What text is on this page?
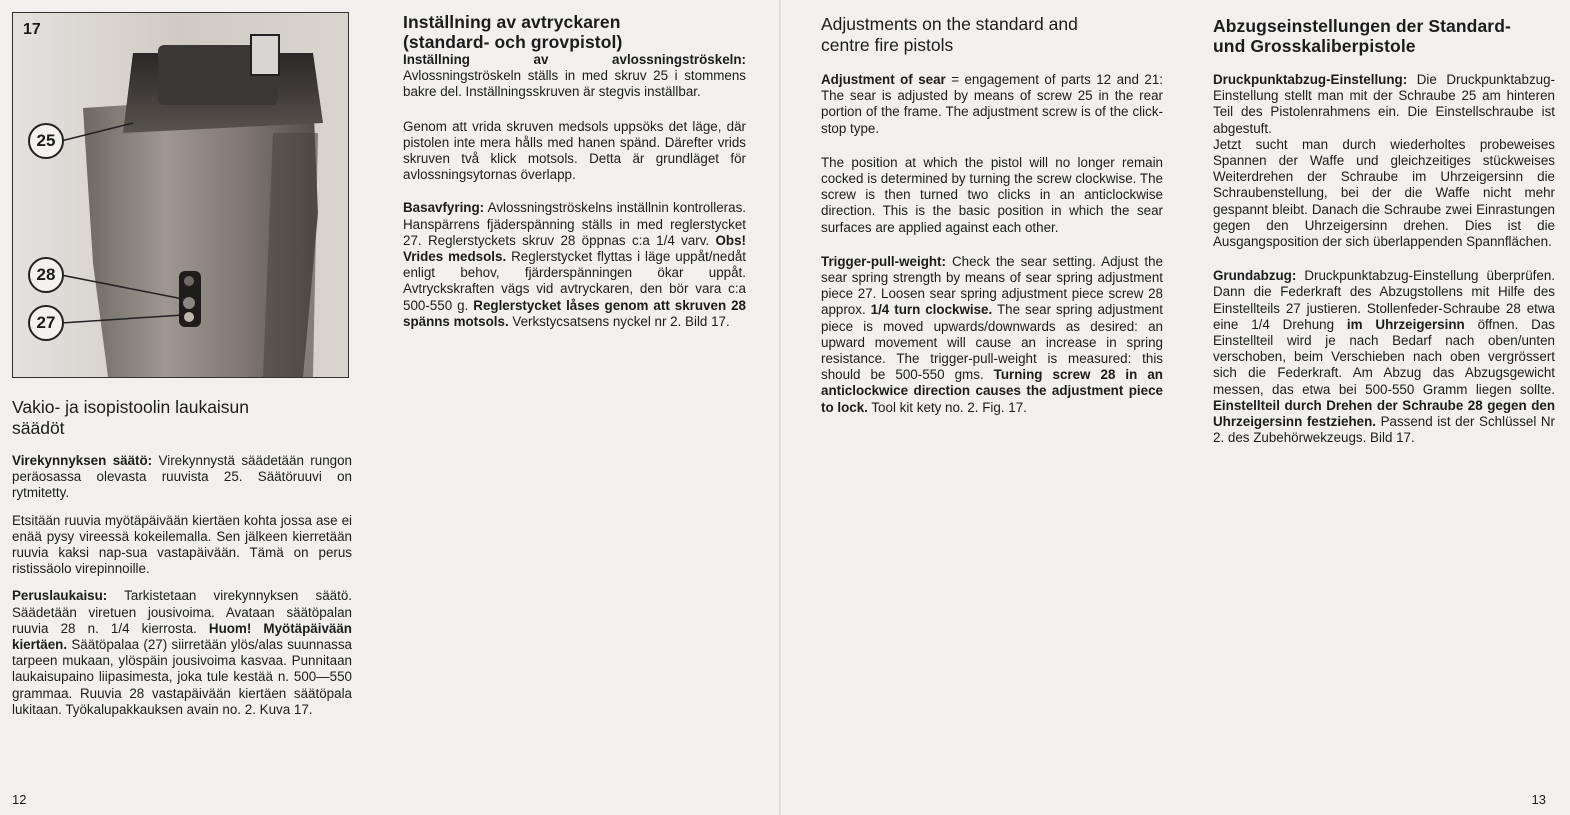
17
25
28
27
Vakio- ja isopistoolin laukaisun
säädöt

Virekynnyksen säätö: Virekynnystä säädetään rungon peräosassa olevasta ruuvista 25. Säätöruuvi on rytmitetty.

Etsitään ruuvia myötäpäivään kiertäen kohta jossa ase ei enää pysy vireessä kokeilemalla. Sen jälkeen kierretään ruuvia kaksi nap-sua vastapäivään. Tämä on perus ristissäolo virepinnoille.

Peruslaukaisu: Tarkistetaan virekynnyksen säätö. Säädetään viretuen jousivoima. Avataan säätöpalan ruuvia 28 n. 1/4 kierrosta. Huom! Myötäpäivään kiertäen. Säätöpalaa (27) siirretään ylös/alas suunnassa tarpeen mukaan, ylöspäin jousivoima kasvaa. Punnitaan laukaisupaino liipasimesta, joka tule kestää n. 500—550 grammaa. Ruuvia 28 vastapäivään kiertäen säätöpala lukitaan. Työkalupakkauksen avain no. 2. Kuva 17.

Inställning av avtryckaren
(standard- och grovpistol)

Inställning av avlossningströskeln: Avlossningströskeln ställs in med skruv 25 i stommens bakre del. Inställningsskruven är stegvis inställbar.

Genom att vrida skruven medsols uppsöks det läge, där pistolen inte mera hålls med hanen spänd. Därefter vrids skruven två klick motsols. Detta är grundläget för avlossningsytornas överlapp.

Basavfyring: Avlossningströskelns inställnin kontrolleras. Hanspärrens fjäderspänning ställs in med reglerstycket 27. Reglerstyckets skruv 28 öppnas c:a 1/4 varv. Obs! Vrides medsols. Reglerstycket flyttas i läge uppåt/nedåt enligt behov, fjärderspänningen ökar uppåt. Avtryckskraften vägs vid avtryckaren, den bör vara c:a 500-550 g. Reglerstycket låses genom att skruven 28 spänns motsols. Verkstycsatsens nyckel nr 2. Bild 17.

12
Adjustments on the standard and
centre fire pistols

Adjustment of sear = engagement of parts 12 and 21: The sear is adjusted by means of screw 25 in the rear portion of the frame. The adjustment screw is of the click-stop type.

The position at which the pistol will no longer remain cocked is determined by turning the screw clockwise. The screw is then turned two clicks in an anticlockwise direction. This is the basic position in which the sear surfaces are applied against each other.

Trigger-pull-weight: Check the sear setting. Adjust the sear spring strength by means of sear spring adjustment piece 27. Loosen sear spring adjustment piece screw 28 approx. 1/4 turn clockwise. The sear spring adjustment piece is moved upwards/downwards as desired: an upward movement will cause an increase in spring resistance. The trigger-pull-weight is measured: this should be 500-550 gms. Turning screw 28 in an anticlockwice direction causes the adjustment piece to lock. Tool kit kety no. 2. Fig. 17.

Abzugseinstellungen der Standard-
und Grosskaliberpistole

Druckpunktabzug-Einstellung: Die Druckpunktabzug-Einstellung stellt man mit der Schraube 25 am hinteren Teil des Pistolenrahmens ein. Die Einstellschraube ist abgestuft.

Jetzt sucht man durch wiederholtes probeweises Spannen der Waffe und gleichzeitiges stückweises Weiterdrehen der Schraube im Uhrzeigersinn die Schraubenstellung, bei der die Waffe nicht mehr gespannt bleibt. Danach die Schraube zwei Einrastungen gegen den Uhrzeigersinn drehen. Dies ist die Ausgangsposition der sich überlappenden Spannflächen.

Grundabzug: Druckpunktabzug-Einstellung überprüfen. Dann die Federkraft des Abzugstollens mit Hilfe des Einstellteils 27 justieren. Stollenfeder-Schraube 28 etwa eine 1/4 Drehung im Uhrzeigersinn öffnen. Das Einstellteil wird je nach Bedarf nach oben/unten verschoben, beim Verschieben nach oben vergrössert sich die Federkraft. Am Abzug das Abzugsgewicht messen, das etwa bei 500-550 Gramm liegen sollte. Einstellteil durch Drehen der Schraube 28 gegen den Uhrzeigersinn festziehen. Passend ist der Schlüssel Nr 2. des Zubehörwekzeugs. Bild 17.

13
